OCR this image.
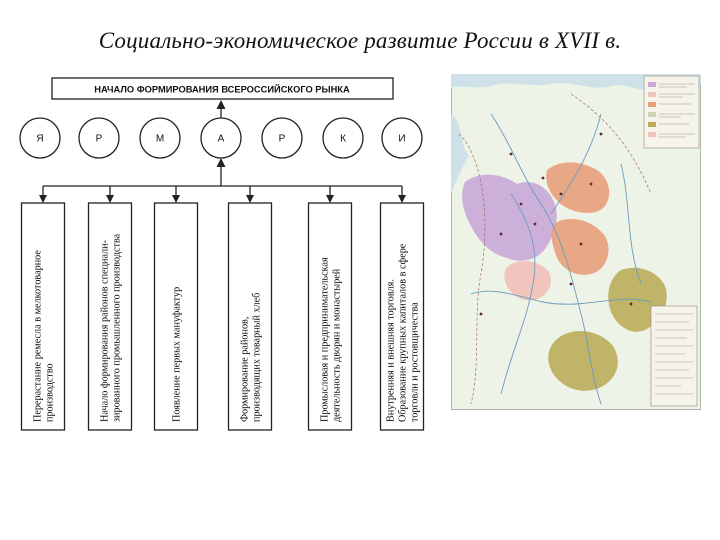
Социально-экономическое развитие России в XVII в.
НАЧАЛО ФОРМИРОВАНИЯ ВСЕРОССИЙСКОГО РЫНКА
Я	Р	М	А	Р	К	И
Перерастание ремесла в мелкотоварное производство	Начало формирования районов специали- зированного промышленного производства	Появление первых мануфактур	Формирование районов, производящих товарный хлеб	Промысловая и предпринимательская деятельность дворян и монастырей	Внутренняя и внешняя торговля. Образование крупных капиталов в сфере торговли и ростовщичества
